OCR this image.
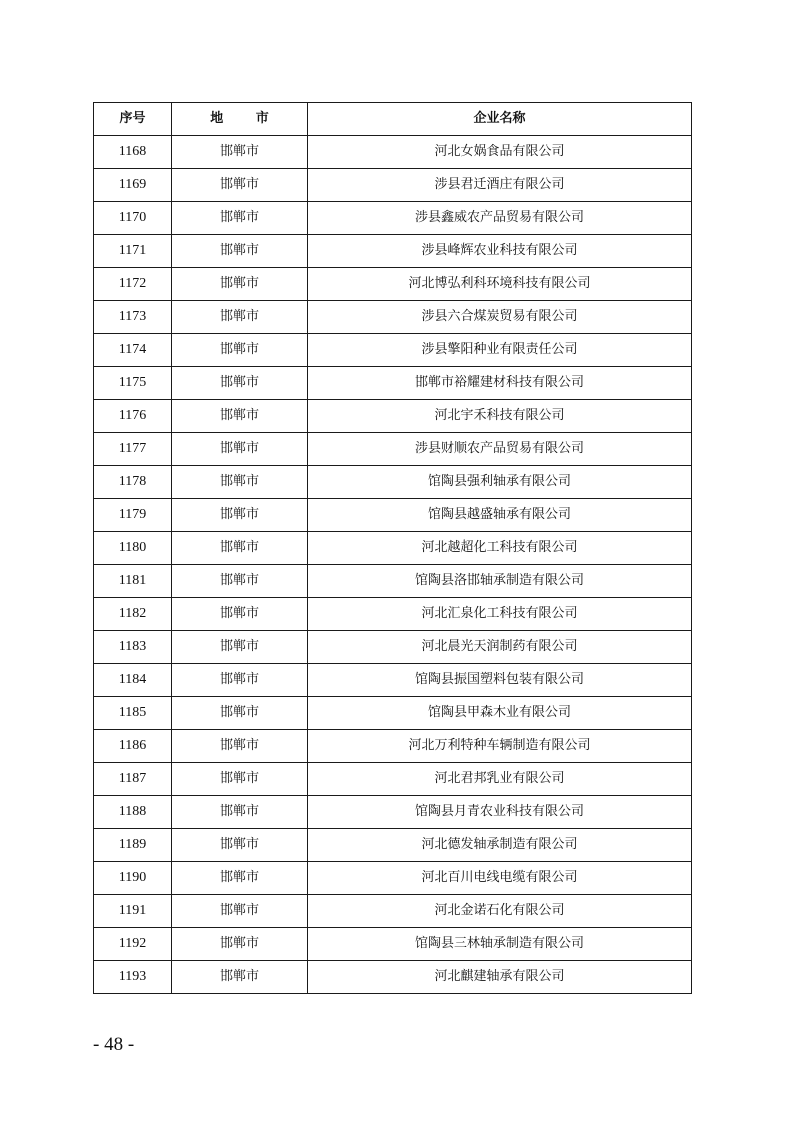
序号	地 市	企业名称
1168	邯郸市	河北女娲食品有限公司
1169	邯郸市	涉县君迁酒庄有限公司
1170	邯郸市	涉县鑫威农产品贸易有限公司
1171	邯郸市	涉县峰辉农业科技有限公司
1172	邯郸市	河北博弘利科环境科技有限公司
1173	邯郸市	涉县六合煤炭贸易有限公司
1174	邯郸市	涉县擎阳种业有限责任公司
1175	邯郸市	邯郸市裕耀建材科技有限公司
1176	邯郸市	河北宇禾科技有限公司
1177	邯郸市	涉县财顺农产品贸易有限公司
1178	邯郸市	馆陶县强利轴承有限公司
1179	邯郸市	馆陶县越盛轴承有限公司
1180	邯郸市	河北越超化工科技有限公司
1181	邯郸市	馆陶县洛邯轴承制造有限公司
1182	邯郸市	河北汇泉化工科技有限公司
1183	邯郸市	河北晨光天润制药有限公司
1184	邯郸市	馆陶县振国塑料包装有限公司
1185	邯郸市	馆陶县甲森木业有限公司
1186	邯郸市	河北万利特种车辆制造有限公司
1187	邯郸市	河北君邦乳业有限公司
1188	邯郸市	馆陶县月青农业科技有限公司
1189	邯郸市	河北德发轴承制造有限公司
1190	邯郸市	河北百川电线电缆有限公司
1191	邯郸市	河北金诺石化有限公司
1192	邯郸市	馆陶县三林轴承制造有限公司
1193	邯郸市	河北麒建轴承有限公司
- 48 -
